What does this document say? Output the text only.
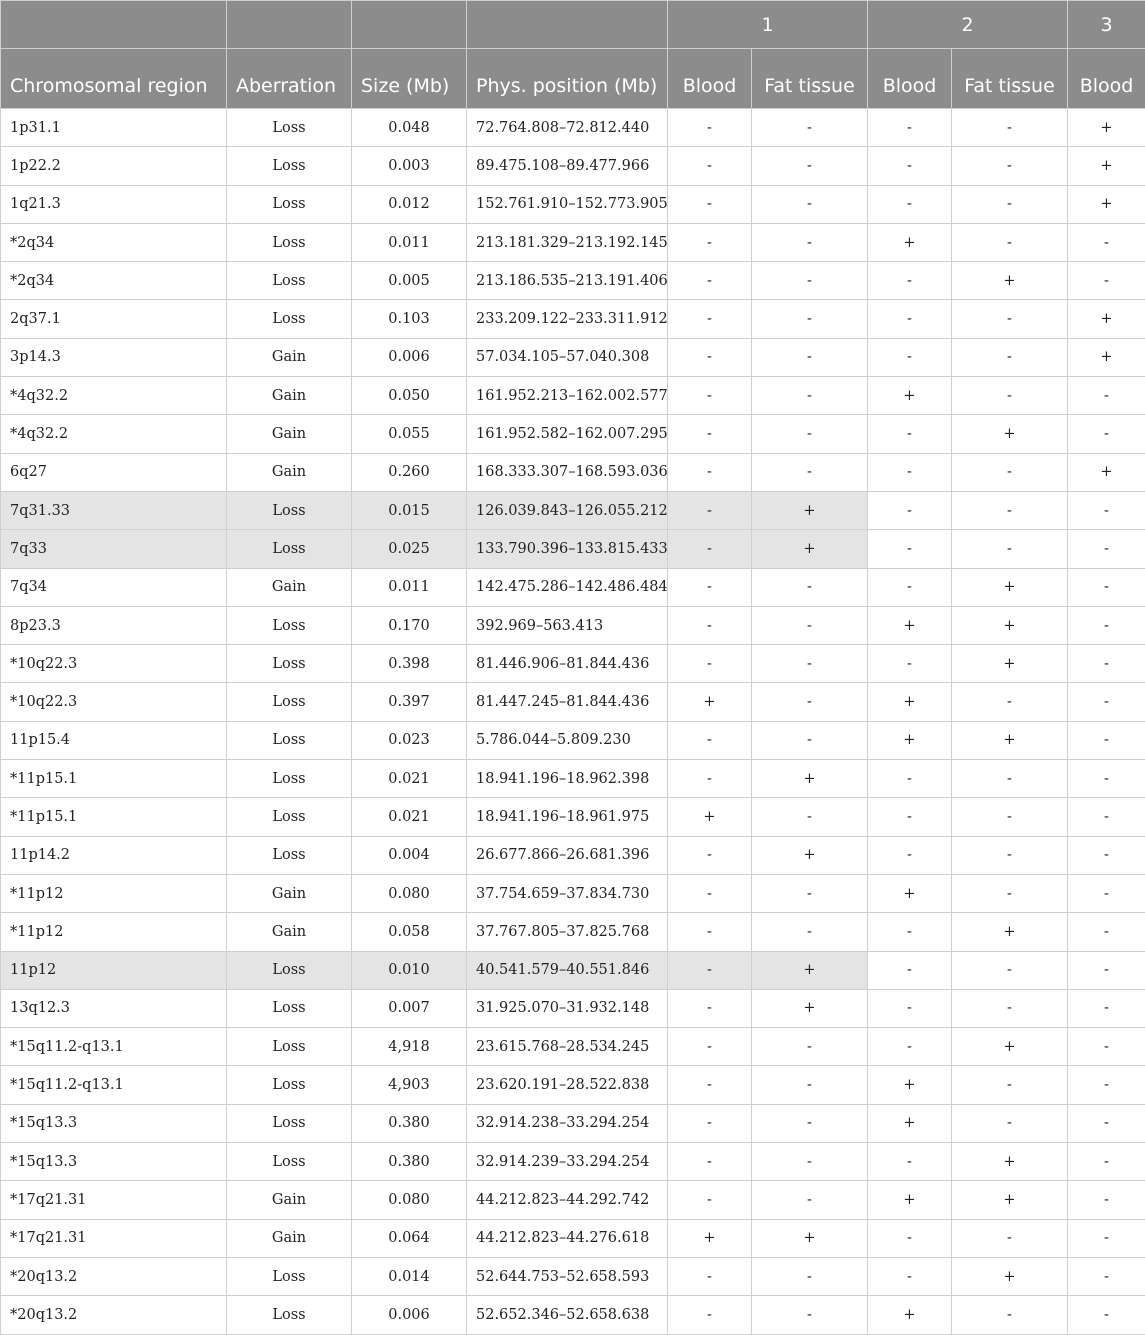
				1		2		3
Chromosomal region	Aberration	Size (Mb)	Phys. position (Mb)	Blood	Fat tissue	Blood	Fat tissue	Blood
1p31.1	Loss	0.048	72.764.808–72.812.440	-	-	-	-	+
1p22.2	Loss	0.003	89.475.108–89.477.966	-	-	-	-	+
1q21.3	Loss	0.012	152.761.910–152.773.905	-	-	-	-	+
*2q34	Loss	0.011	213.181.329–213.192.145	-	-	+	-	-
*2q34	Loss	0.005	213.186.535–213.191.406	-	-	-	+	-
2q37.1	Loss	0.103	233.209.122–233.311.912	-	-	-	-	+
3p14.3	Gain	0.006	57.034.105–57.040.308	-	-	-	-	+
*4q32.2	Gain	0.050	161.952.213–162.002.577	-	-	+	-	-
*4q32.2	Gain	0.055	161.952.582–162.007.295	-	-	-	+	-
6q27	Gain	0.260	168.333.307–168.593.036	-	-	-	-	+
7q31.33	Loss	0.015	126.039.843–126.055.212	-	+	-	-	-
7q33	Loss	0.025	133.790.396–133.815.433	-	+	-	-	-
7q34	Gain	0.011	142.475.286–142.486.484	-	-	-	+	-
8p23.3	Loss	0.170	392.969–563.413	-	-	+	+	-
*10q22.3	Loss	0.398	81.446.906–81.844.436	-	-	-	+	-
*10q22.3	Loss	0.397	81.447.245–81.844.436	+	-	+	-	-
11p15.4	Loss	0.023	5.786.044–5.809.230	-	-	+	+	-
*11p15.1	Loss	0.021	18.941.196–18.962.398	-	+	-	-	-
*11p15.1	Loss	0.021	18.941.196–18.961.975	+	-	-	-	-
11p14.2	Loss	0.004	26.677.866–26.681.396	-	+	-	-	-
*11p12	Gain	0.080	37.754.659–37.834.730	-	-	+	-	-
*11p12	Gain	0.058	37.767.805–37.825.768	-	-	-	+	-
11p12	Loss	0.010	40.541.579–40.551.846	-	+	-	-	-
13q12.3	Loss	0.007	31.925.070–31.932.148	-	+	-	-	-
*15q11.2-q13.1	Loss	4,918	23.615.768–28.534.245	-	-	-	+	-
*15q11.2-q13.1	Loss	4,903	23.620.191–28.522.838	-	-	+	-	-
*15q13.3	Loss	0.380	32.914.238–33.294.254	-	-	+	-	-
*15q13.3	Loss	0.380	32.914.239–33.294.254	-	-	-	+	-
*17q21.31	Gain	0.080	44.212.823–44.292.742	-	-	+	+	-
*17q21.31	Gain	0.064	44.212.823–44.276.618	+	+	-	-	-
*20q13.2	Loss	0.014	52.644.753–52.658.593	-	-	-	+	-
*20q13.2	Loss	0.006	52.652.346–52.658.638	-	-	+	-	-
